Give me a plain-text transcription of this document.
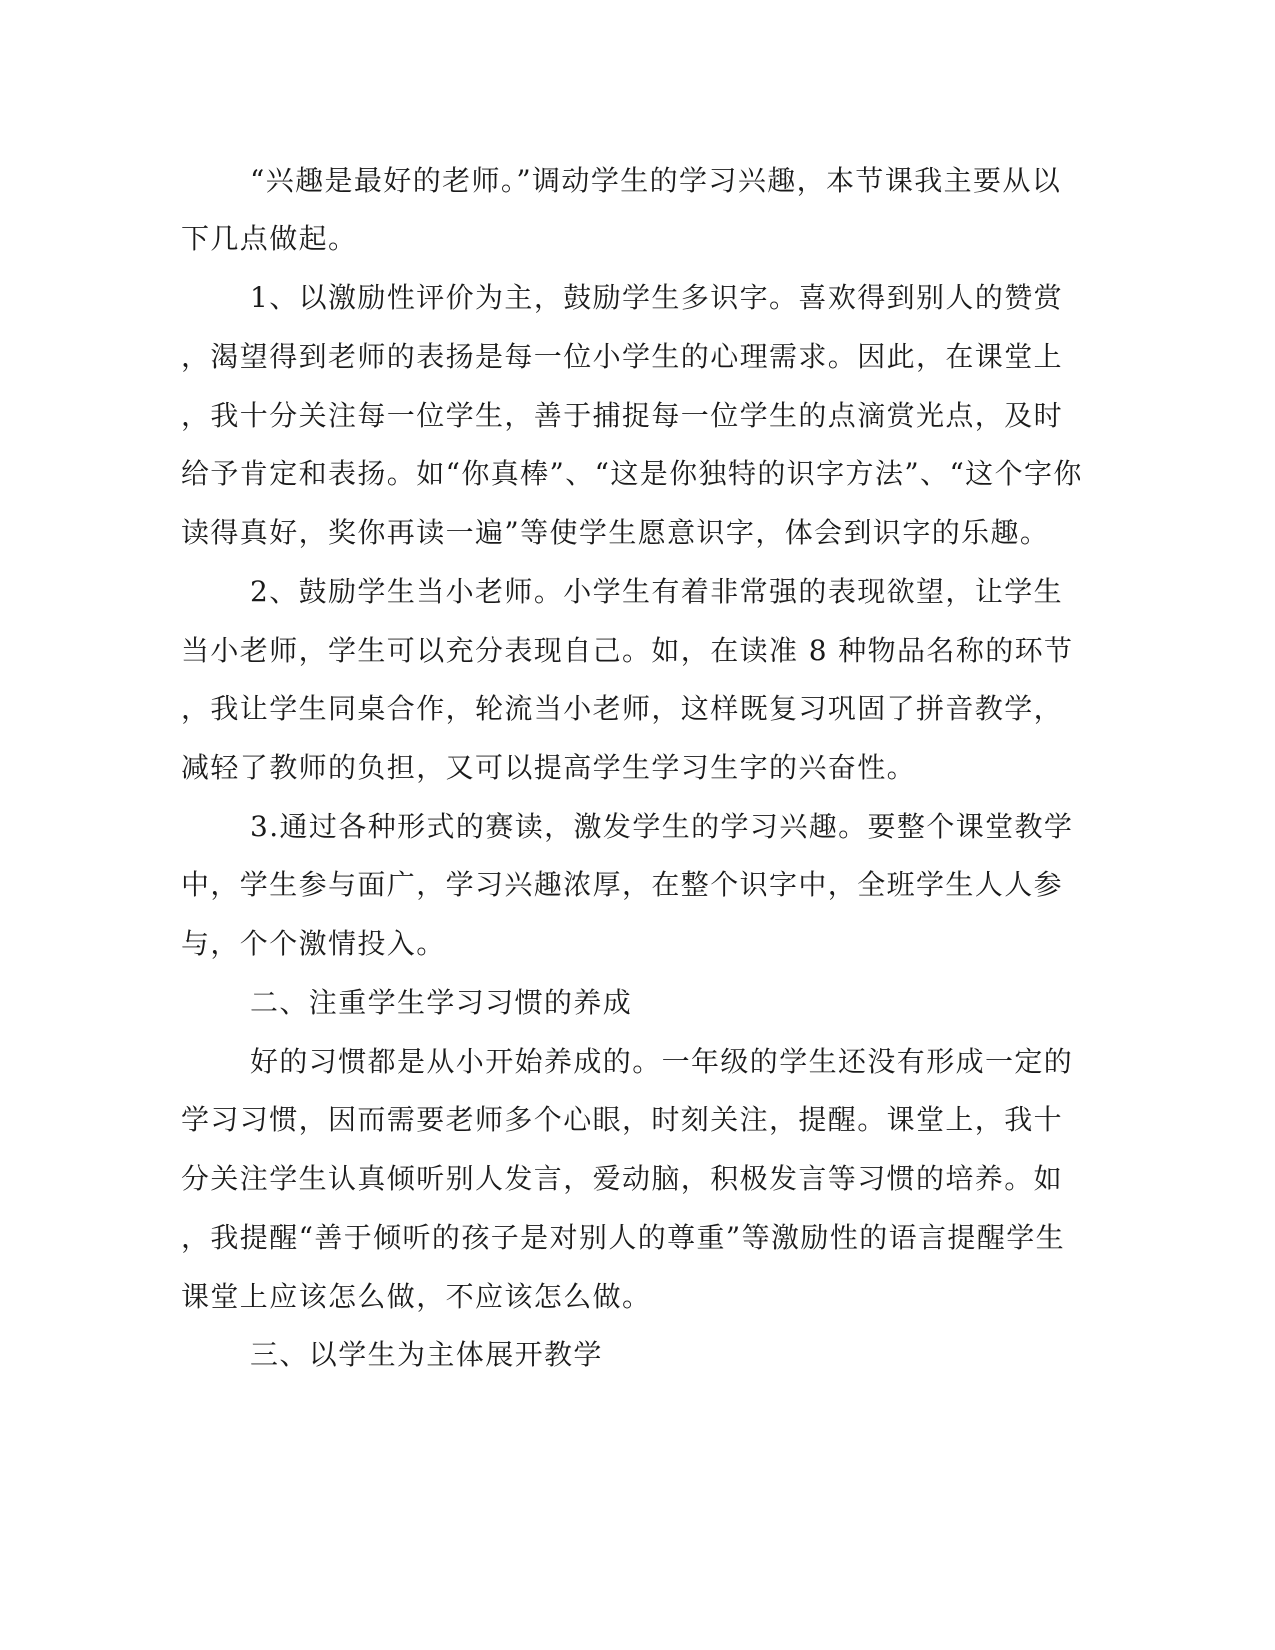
“兴趣是最好的老师。”调动学生的学习兴趣，本节课我主要从以
下几点做起。
1、以激励性评价为主，鼓励学生多识字。喜欢得到别人的赞赏
，渴望得到老师的表扬是每一位小学生的心理需求。因此，在课堂上
，我十分关注每一位学生，善于捕捉每一位学生的点滴赏光点，及时
给予肯定和表扬。如“你真棒”、“这是你独特的识字方法”、“这个字你
读得真好，奖你再读一遍”等使学生愿意识字，体会到识字的乐趣。
2、鼓励学生当小老师。小学生有着非常强的表现欲望，让学生
当小老师，学生可以充分表现自己。如，在读准 8 种物品名称的环节
，我让学生同桌合作，轮流当小老师，这样既复习巩固了拼音教学，
减轻了教师的负担，又可以提高学生学习生字的兴奋性。
3.通过各种形式的赛读，激发学生的学习兴趣。要整个课堂教学
中，学生参与面广，学习兴趣浓厚，在整个识字中，全班学生人人参
与，个个激情投入。
二、注重学生学习习惯的养成
好的习惯都是从小开始养成的。一年级的学生还没有形成一定的
学习习惯，因而需要老师多个心眼，时刻关注，提醒。课堂上，我十
分关注学生认真倾听别人发言，爱动脑，积极发言等习惯的培养。如
，我提醒“善于倾听的孩子是对别人的尊重”等激励性的语言提醒学生
课堂上应该怎么做，不应该怎么做。
三、以学生为主体展开教学
